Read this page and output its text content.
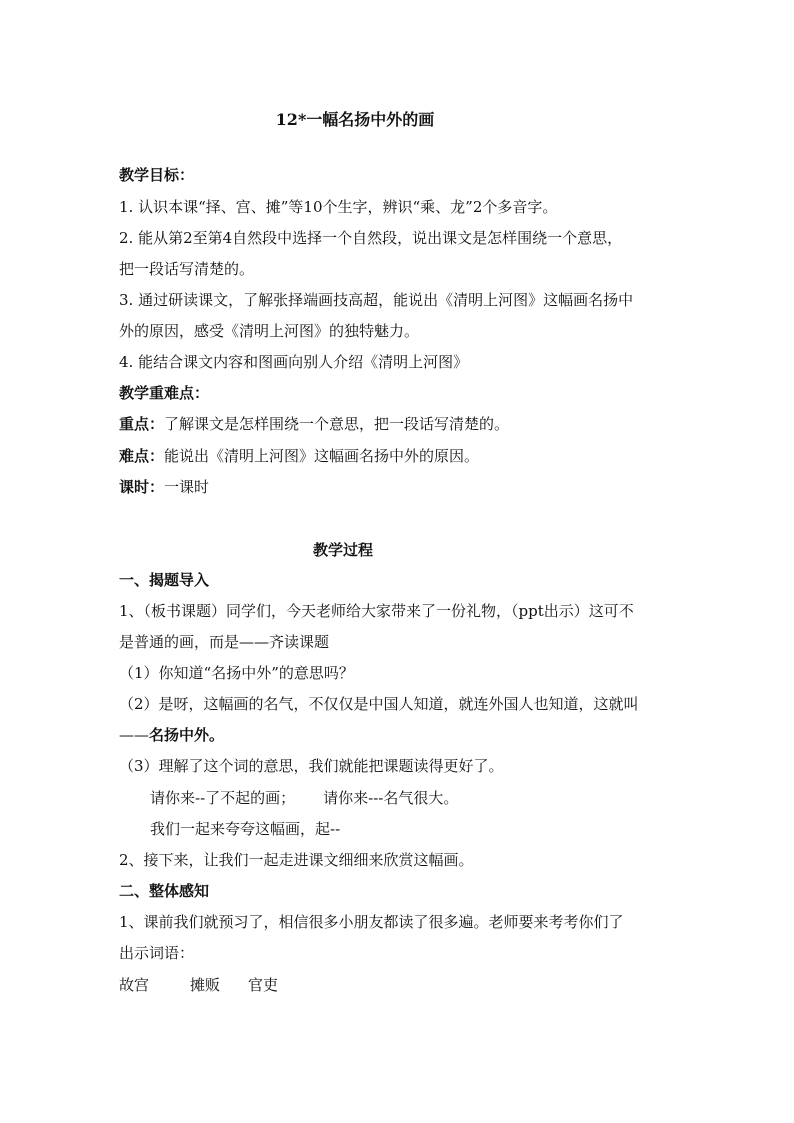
12*一幅名扬中外的画
教学目标：
1. 认识本课“择、宫、摊”等10个生字，辨识“乘、龙”2个多音字。
2. 能从第2至第4自然段中选择一个自然段，说出课文是怎样围绕一个意思，
把一段话写清楚的。
3. 通过研读课文，了解张择端画技高超，能说出《清明上河图》这幅画名扬中
外的原因，感受《清明上河图》的独特魅力。
4. 能结合课文内容和图画向别人介绍《清明上河图》
教学重难点：
重点：了解课文是怎样围绕一个意思，把一段话写清楚的。
难点：能说出《清明上河图》这幅画名扬中外的原因。
课时：一课时
教学过程
一、揭题导入
1、（板书课题）同学们，今天老师给大家带来了一份礼物，（ppt出示）这可不
是普通的画，而是——齐读课题
（1）你知道“名扬中外”的意思吗？
（2）是呀，这幅画的名气，不仅仅是中国人知道，就连外国人也知道，这就叫
——名扬中外。
（3）理解了这个词的意思，我们就能把课题读得更好了。
请你来--了不起的画； 请你来---名气很大。
我们一起来夸夸这幅画，起--
2、接下来，让我们一起走进课文细细来欣赏这幅画。
二、整体感知
1、课前我们就预习了，相信很多小朋友都读了很多遍。老师要来考考你们了
出示词语：
故宫	摊贩 官吏
